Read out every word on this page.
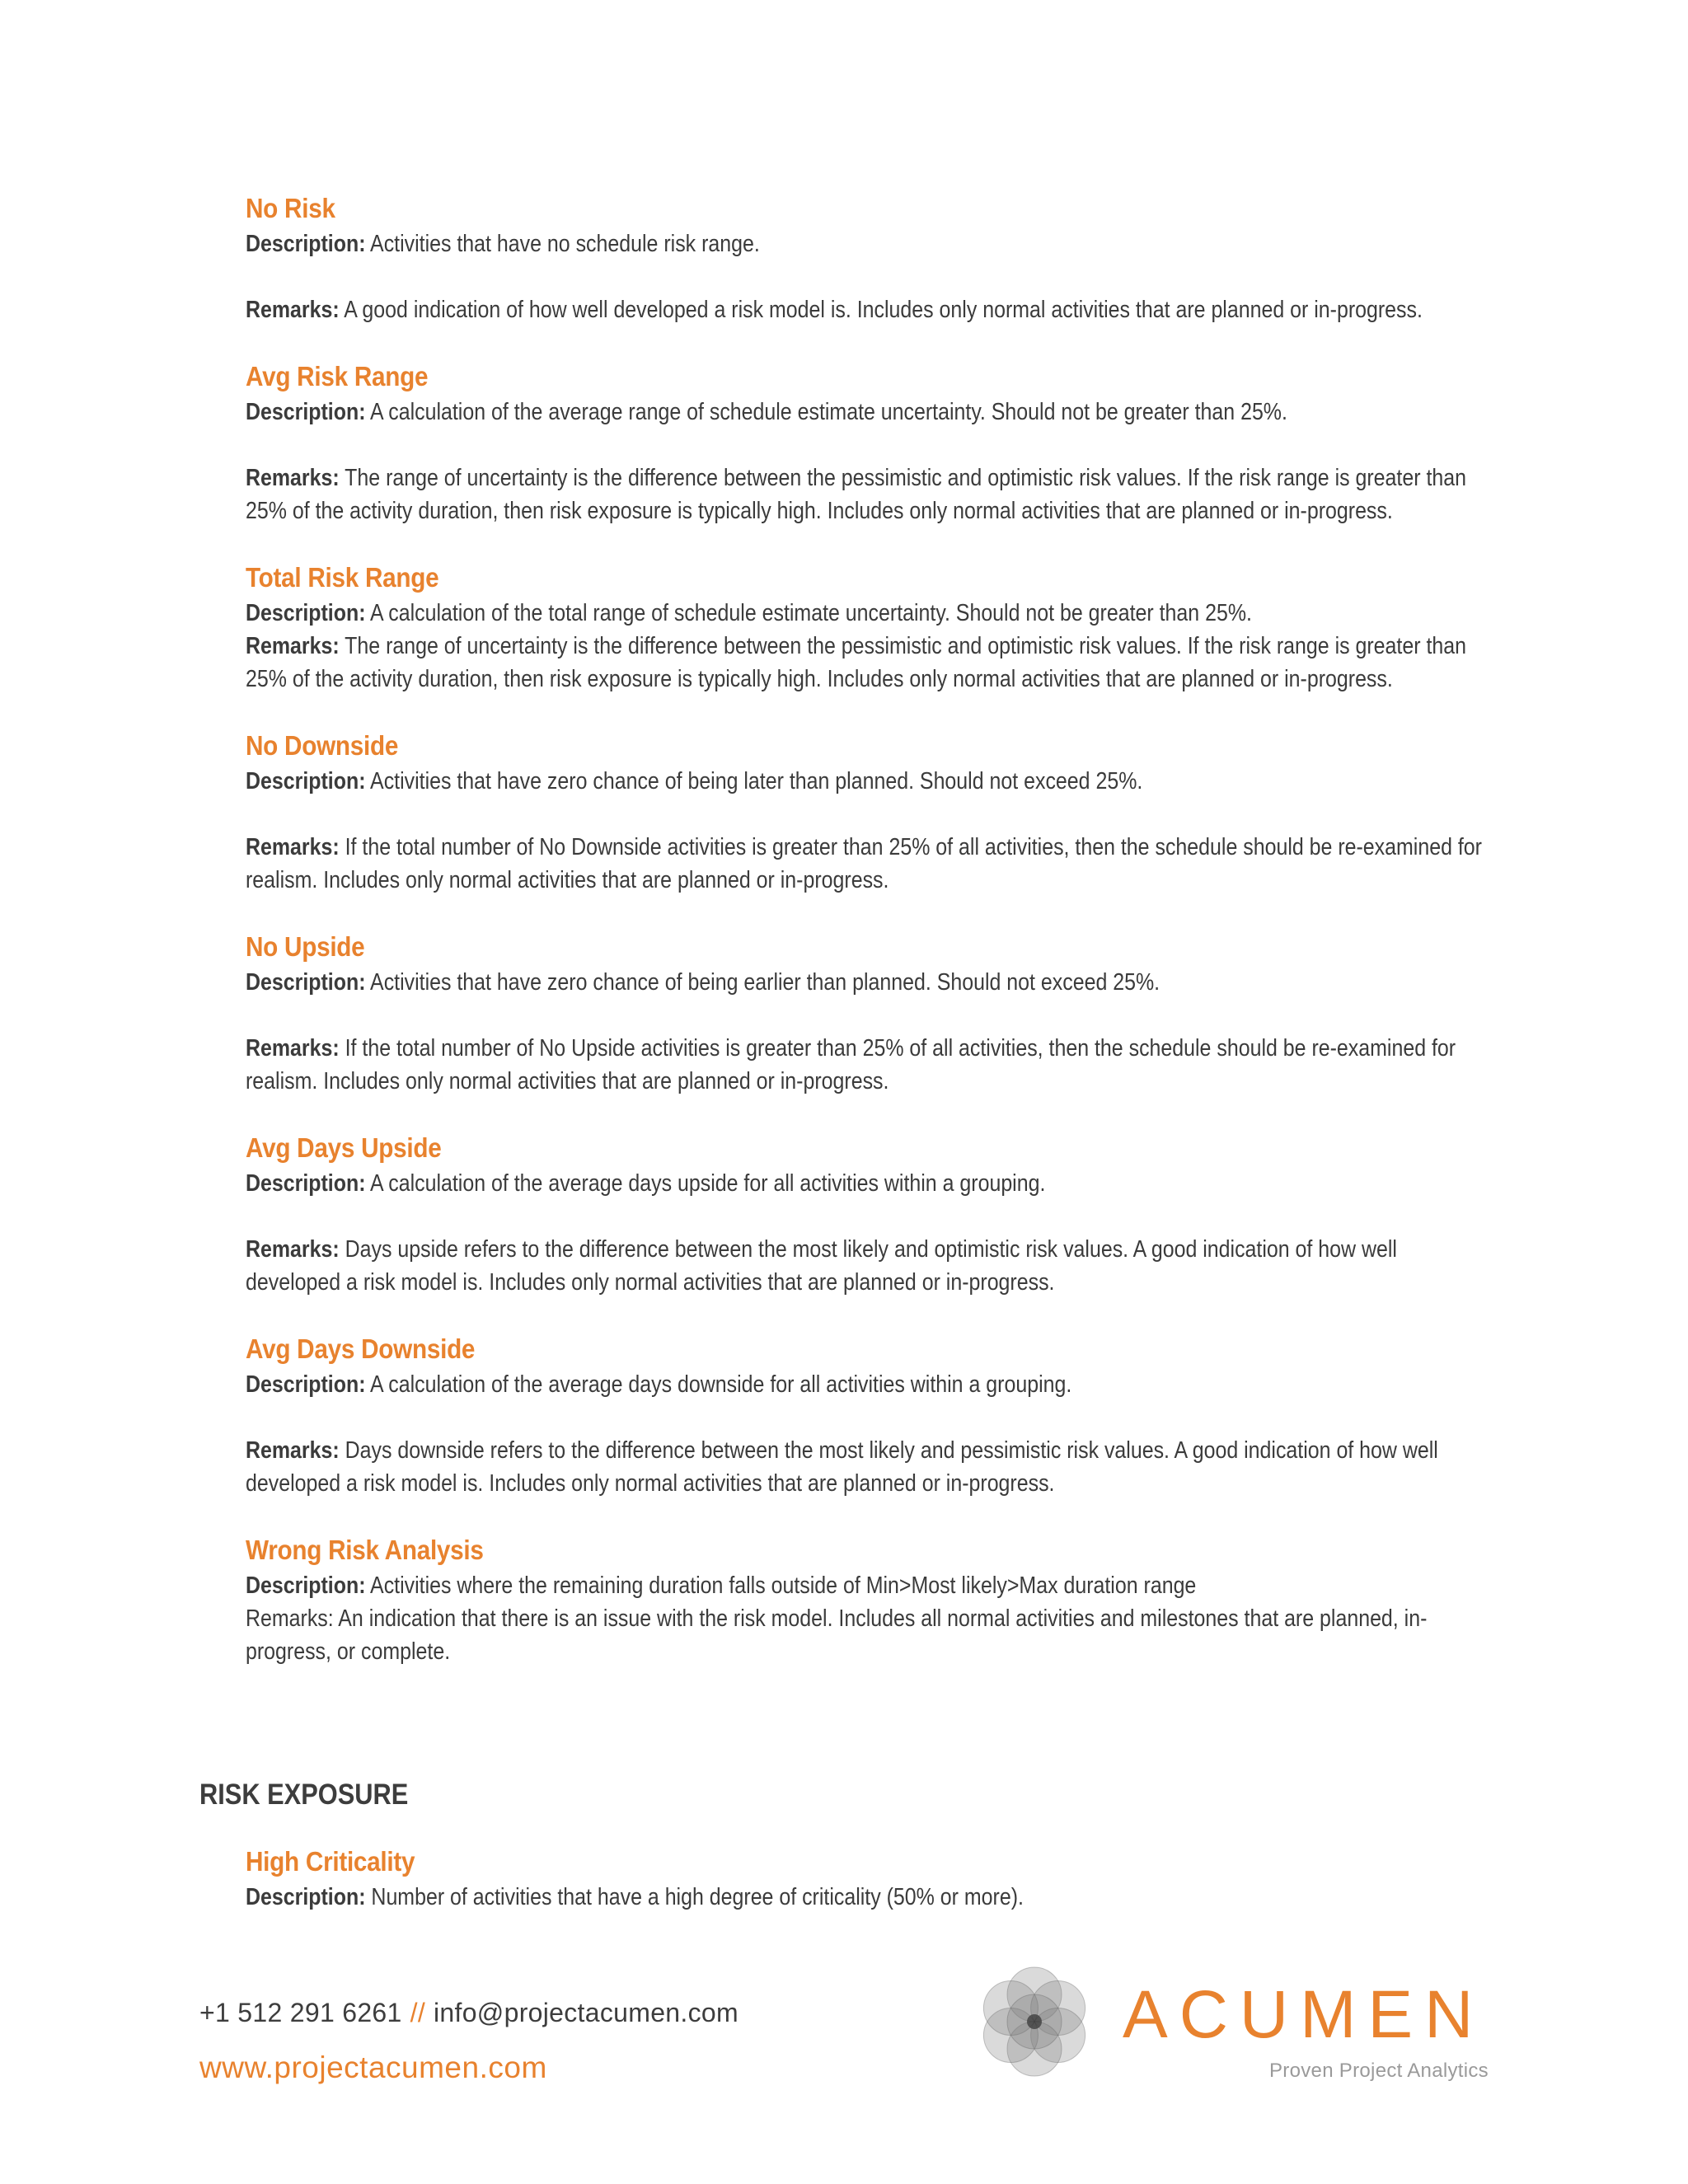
No Risk

Description: Activities that have no schedule risk range.

Remarks: A good indication of how well developed a risk model is. Includes only normal activities that are planned or in-progress.

Avg Risk Range

Description: A calculation of the average range of schedule estimate uncertainty. Should not be greater than 25%.

Remarks: The range of uncertainty is the difference between the pessimistic and optimistic risk values. If the risk range is greater than 25% of the activity duration, then risk exposure is typically high. Includes only normal activities that are planned or in-progress.

Total Risk Range

Description: A calculation of the total range of schedule estimate uncertainty. Should not be greater than 25%.

Remarks: The range of uncertainty is the difference between the pessimistic and optimistic risk values. If the risk range is greater than 25% of the activity duration, then risk exposure is typically high. Includes only normal activities that are planned or in-progress.

No Downside

Description: Activities that have zero chance of being later than planned. Should not exceed 25%.

Remarks: If the total number of No Downside activities is greater than 25% of all activities, then the schedule should be re-examined for realism. Includes only normal activities that are planned or in-progress.

No Upside

Description: Activities that have zero chance of being earlier than planned. Should not exceed 25%.

Remarks: If the total number of No Upside activities is greater than 25% of all activities, then the schedule should be re-examined for realism. Includes only normal activities that are planned or in-progress.

Avg Days Upside

Description: A calculation of the average days upside for all activities within a grouping.

Remarks: Days upside refers to the difference between the most likely and optimistic risk values. A good indication of how well developed a risk model is. Includes only normal activities that are planned or in-progress.

Avg Days Downside

Description: A calculation of the average days downside for all activities within a grouping.

Remarks: Days downside refers to the difference between the most likely and pessimistic risk values. A good indication of how well developed a risk model is. Includes only normal activities that are planned or in-progress.

Wrong Risk Analysis

Description: Activities where the remaining duration falls outside of Min>Most likely>Max duration range

Remarks: An indication that there is an issue with the risk model. Includes all normal activities and milestones that are planned, in-progress, or complete.

RISK EXPOSURE
High Criticality

Description: Number of activities that have a high degree of criticality (50% or more).

+1 512 291 6261 // info@projectacumen.com
www.projectacumen.com
ACUMEN
Proven Project Analytics
